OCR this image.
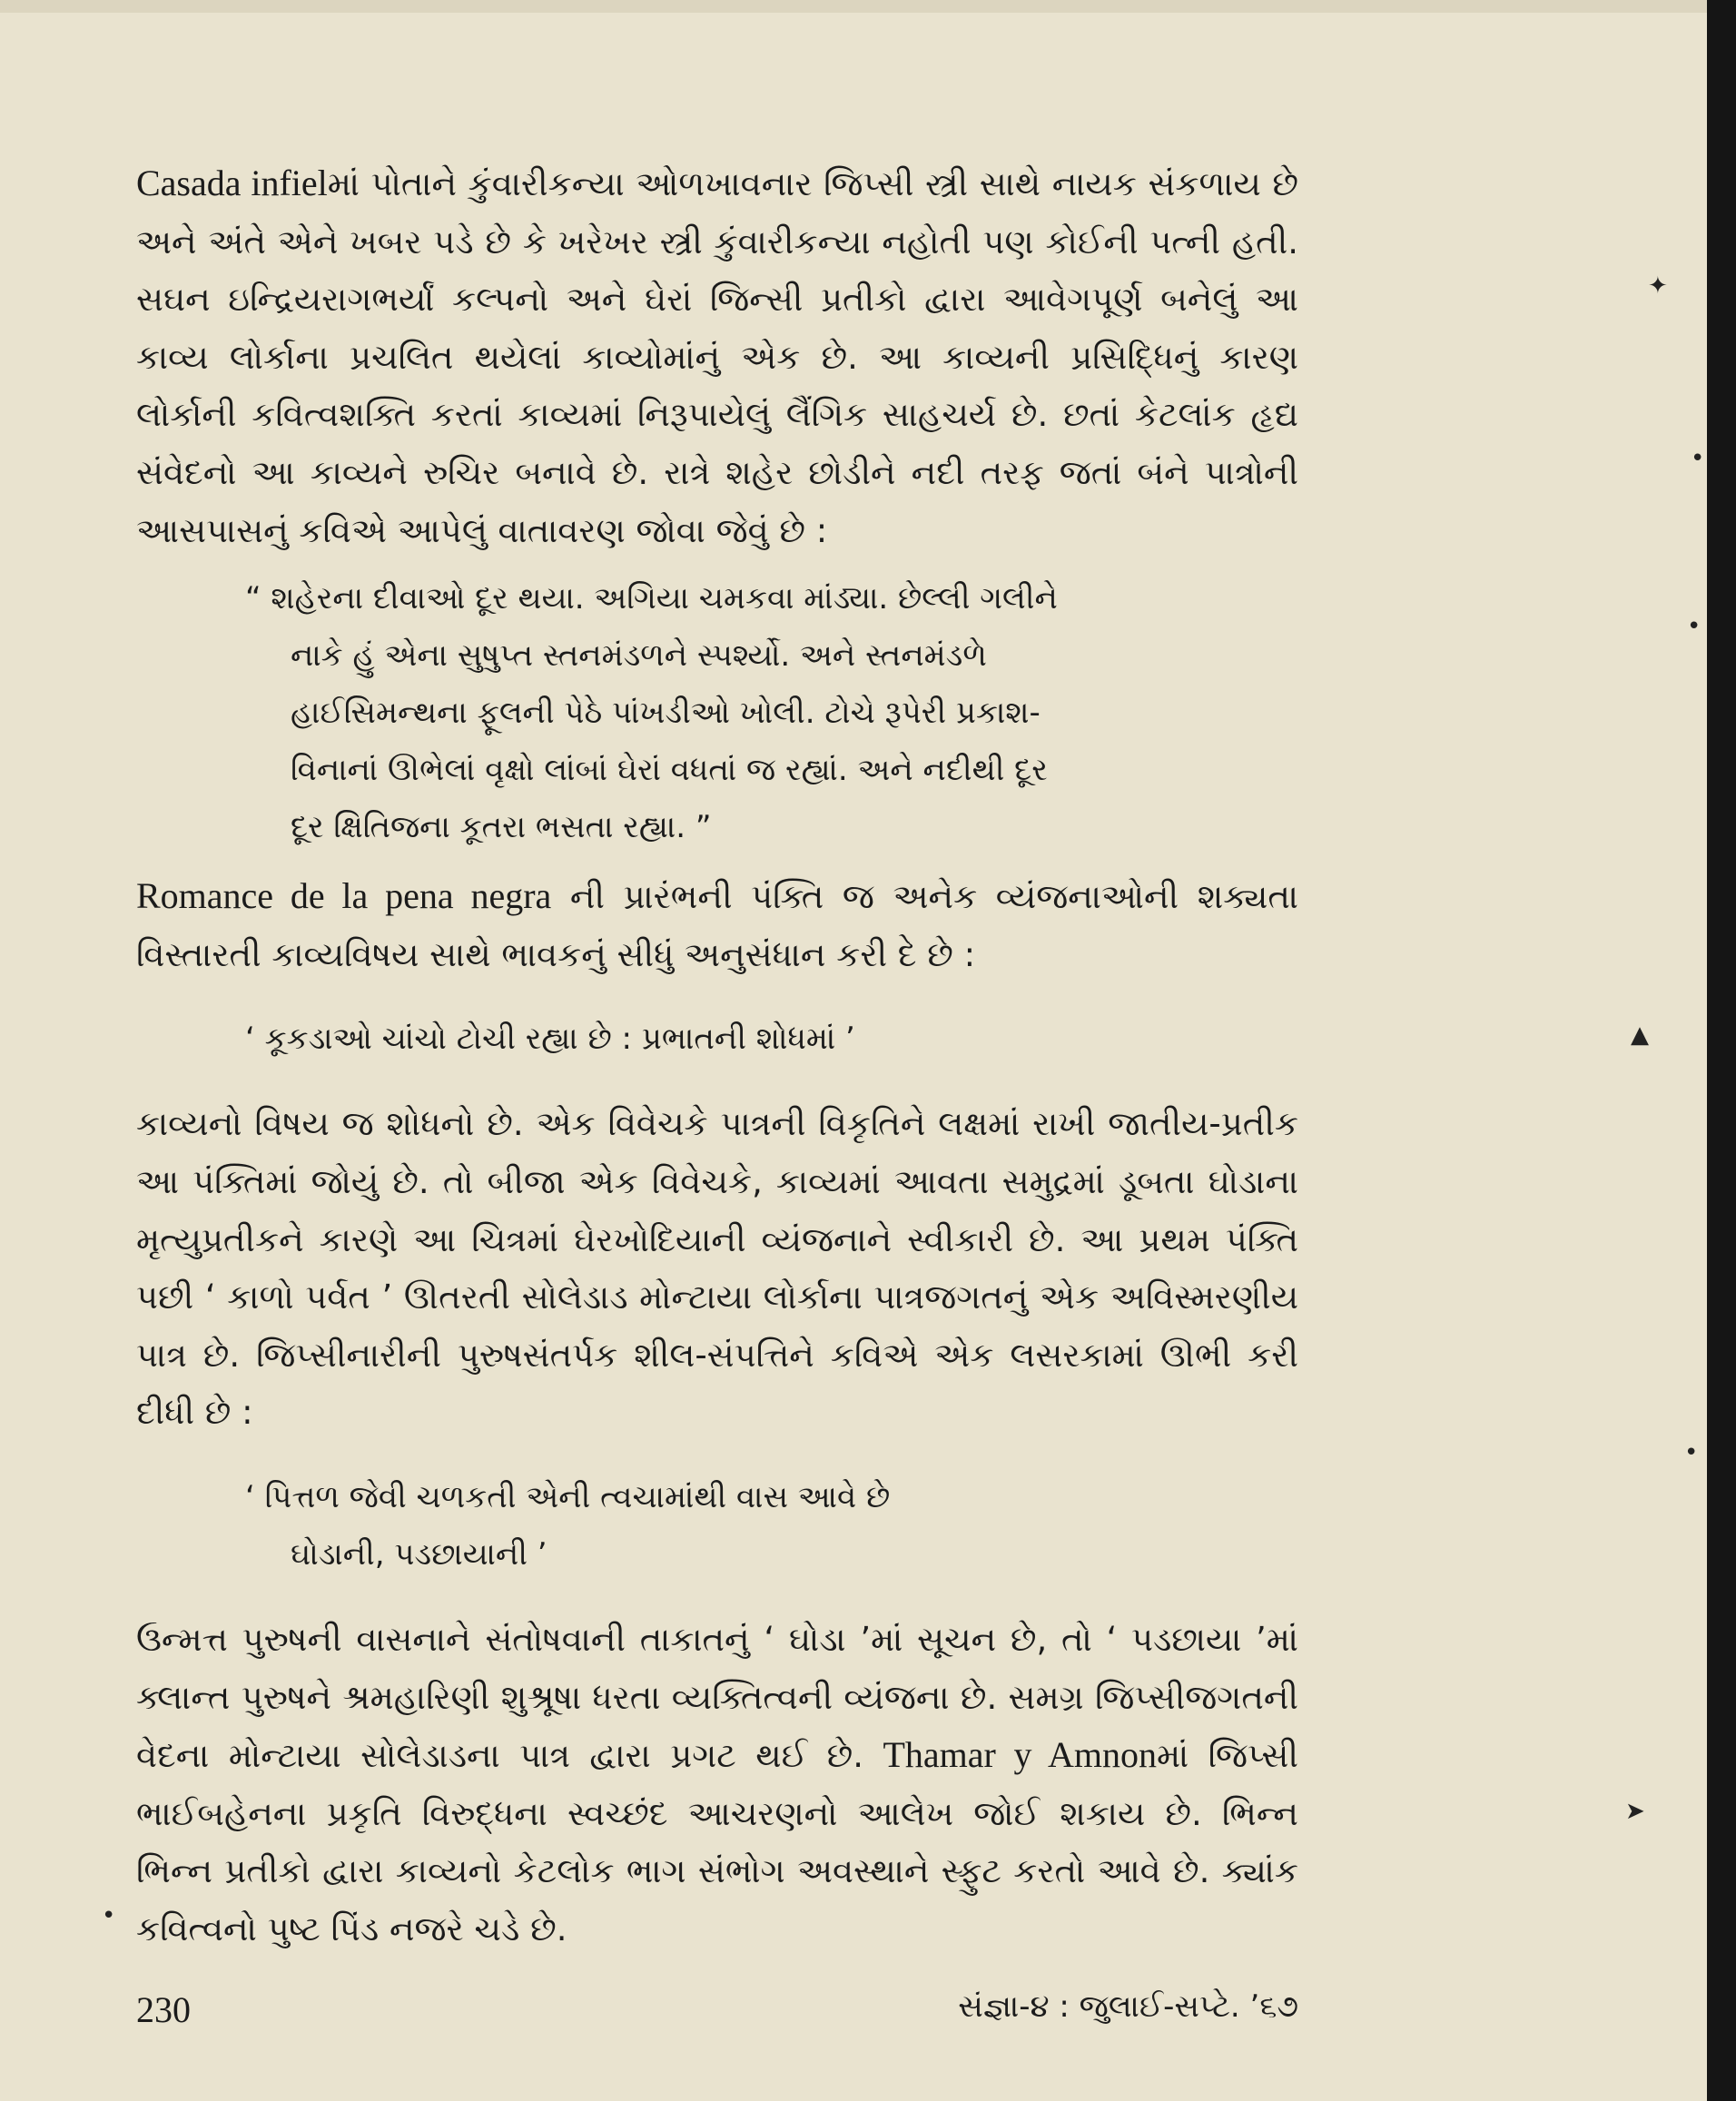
Casada infielમાં પોતાને કુંવારીકન્યા ઓળખાવનાર જિપ્સી સ્ત્રી સાથે નાયક સંકળાય છે અને અંતે એને ખબર પડે છે કે ખરેખર સ્ત્રી કુંવારીકન્યા નહોતી પણ કોઈની પત્ની હતી. સઘન ઇન્દ્રિયરાગભર્યાં કલ્પનો અને ઘેરાં જિન્સી પ્રતીકો દ્વારા આવેગપૂર્ણ બનેલું આ કાવ્ય લોર્કાના પ્રચલિત થયેલાં કાવ્યોમાંનું એક છે. આ કાવ્યની પ્રસિદ્ધિનું કારણ લોર્કાની કવિત્વશક્તિ કરતાં કાવ્યમાં નિરૂપાયેલું લૈંગિક સાહચર્ય છે. છતાં કેટલાંક હૃદ્ય સંવેદનો આ કાવ્યને રુચિર બનાવે છે. રાત્રે શહેર છોડીને નદી તરફ જતાં બંને પાત્રોની આસપાસનું કવિએ આપેલું વાતાવરણ જોવા જેવું છે :

“ શહેરના દીવાઓ દૂર થયા. અગિયા ચમકવા માંડ્યા. છેલ્લી ગલીને
નાકે હું એના સુષુપ્ત સ્તનમંડળને સ્પર્શ્યો. અને સ્તનમંડળે
હાઈસિમન્થના ફૂલની પેઠે પાંખડીઓ ખોલી. ટોચે રૂપેરી પ્રકાશ-
વિનાનાં ઊભેલાં વૃક્ષો લાંબાં ઘેરાં વધતાં જ રહ્યાં. અને નદીથી દૂર
દૂર ક્ષિતિજના કૂતરા ભસતા રહ્યા. ”

Romance de la pena negra ની પ્રારંભની પંક્તિ જ અનેક વ્યંજનાઓની શક્યતા વિસ્તારતી કાવ્યવિષય સાથે ભાવકનું સીધું અનુસંધાન કરી દે છે :

‘ કૂકડાઓ ચાંચો ટોચી રહ્યા છે : પ્રભાતની શોધમાં ’

કાવ્યનો વિષય જ શોધનો છે. એક વિવેચકે પાત્રની વિકૃતિને લક્ષમાં રાખી જાતીય-પ્રતીક આ પંક્તિમાં જોયું છે. તો બીજા એક વિવેચકે, કાવ્યમાં આવતા સમુદ્રમાં ડૂબતા ઘોડાના મૃત્યુપ્રતીકને કારણે આ ચિત્રમાં ઘેરખોદિયાની વ્યંજનાને સ્વીકારી છે. આ પ્રથમ પંક્તિ પછી ‘ કાળો પર્વત ’ ઊતરતી સોલેડાડ મોન્ટાયા લોર્કાના પાત્રજગતનું એક અવિસ્મરણીય પાત્ર છે. જિપ્સીનારીની પુરુષસંતર્પક શીલ-સંપત્તિને કવિએ એક લસરકામાં ઊભી કરી દીધી છે :

‘ પિત્તળ જેવી ચળકતી એની ત્વચામાંથી વાસ આવે છે
ઘોડાની, પડછાયાની ’

ઉન્મત્ત પુરુષની વાસનાને સંતોષવાની તાકાતનું ‘ ઘોડા ’માં સૂચન છે, તો ‘ પડછાયા ’માં ક્લાન્ત પુરુષને શ્રમહારિણી શુશ્રૂષા ધરતા વ્યક્તિત્વની વ્યંજના છે. સમગ્ર જિપ્સીજગતની વેદના મોન્ટાયા સોલેડાડના પાત્ર દ્વારા પ્રગટ થઈ છે. Thamar y Amnonમાં જિપ્સી ભાઈબહેનના પ્રકૃતિ વિરુદ્ધના સ્વચ્છંદ આચરણનો આલેખ જોઈ શકાય છે. ભિન્ન ભિન્ન પ્રતીકો દ્વારા કાવ્યનો કેટલોક ભાગ સંભોગ અવસ્થાને સ્ફુટ કરતો આવે છે. ક્યાંક કવિત્વનો પુષ્ટ પિંડ નજરે ચડે છે.

230	સંજ્ઞા-૪ : જુલાઈ-સપ્ટે. ’૬૭
✦
•
•
▲
•
➤
•
